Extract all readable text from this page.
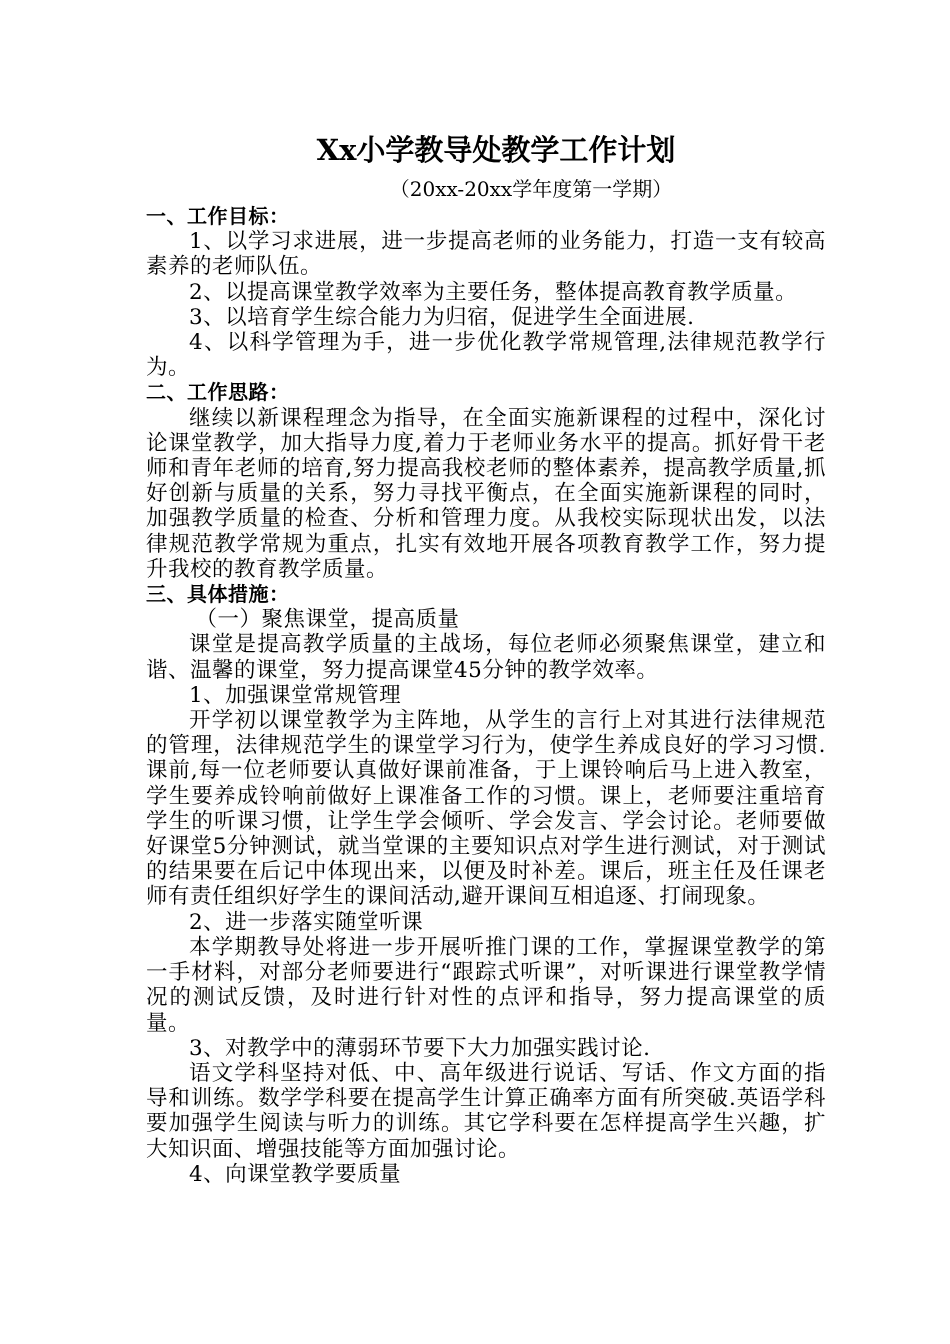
Xx小学教导处教学工作计划
（20xx-20xx学年度第一学期）

一、工作目标：

1、以学习求进展，进一步提高老师的业务能力，打造一支有较高素养的老师队伍。

2、以提高课堂教学效率为主要任务，整体提高教育教学质量。

3、以培育学生综合能力为归宿，促进学生全面进展.

4、以科学管理为手，进一步优化教学常规管理,法律规范教学行为。

二、工作思路：

继续以新课程理念为指导，在全面实施新课程的过程中，深化讨论课堂教学，加大指导力度,着力于老师业务水平的提高。抓好骨干老师和青年老师的培育,努力提高我校老师的整体素养，提高教学质量,抓好创新与质量的关系，努力寻找平衡点，在全面实施新课程的同时，加强教学质量的检查、分析和管理力度。从我校实际现状出发，以法律规范教学常规为重点，扎实有效地开展各项教育教学工作，努力提升我校的教育教学质量。

三、具体措施：

（一）聚焦课堂，提高质量

课堂是提高教学质量的主战场，每位老师必须聚焦课堂，建立和谐、温馨的课堂，努力提高课堂45分钟的教学效率。

1、加强课堂常规管理

开学初以课堂教学为主阵地，从学生的言行上对其进行法律规范的管理，法律规范学生的课堂学习行为，使学生养成良好的学习习惯.课前,每一位老师要认真做好课前准备，于上课铃响后马上进入教室，学生要养成铃响前做好上课准备工作的习惯。课上，老师要注重培育学生的听课习惯，让学生学会倾听、学会发言、学会讨论。老师要做好课堂5分钟测试，就当堂课的主要知识点对学生进行测试，对于测试的结果要在后记中体现出来，以便及时补差。课后，班主任及任课老师有责任组织好学生的课间活动,避开课间互相追逐、打闹现象。

2、进一步落实随堂听课

本学期教导处将进一步开展听推门课的工作，掌握课堂教学的第一手材料，对部分老师要进行“跟踪式听课”，对听课进行课堂教学情况的测试反馈，及时进行针对性的点评和指导，努力提高课堂的质量。

3、对教学中的薄弱环节要下大力加强实践讨论.

语文学科坚持对低、中、高年级进行说话、写话、作文方面的指导和训练。数学学科要在提高学生计算正确率方面有所突破.英语学科要加强学生阅读与听力的训练。其它学科要在怎样提高学生兴趣，扩大知识面、增强技能等方面加强讨论。

4、向课堂教学要质量
